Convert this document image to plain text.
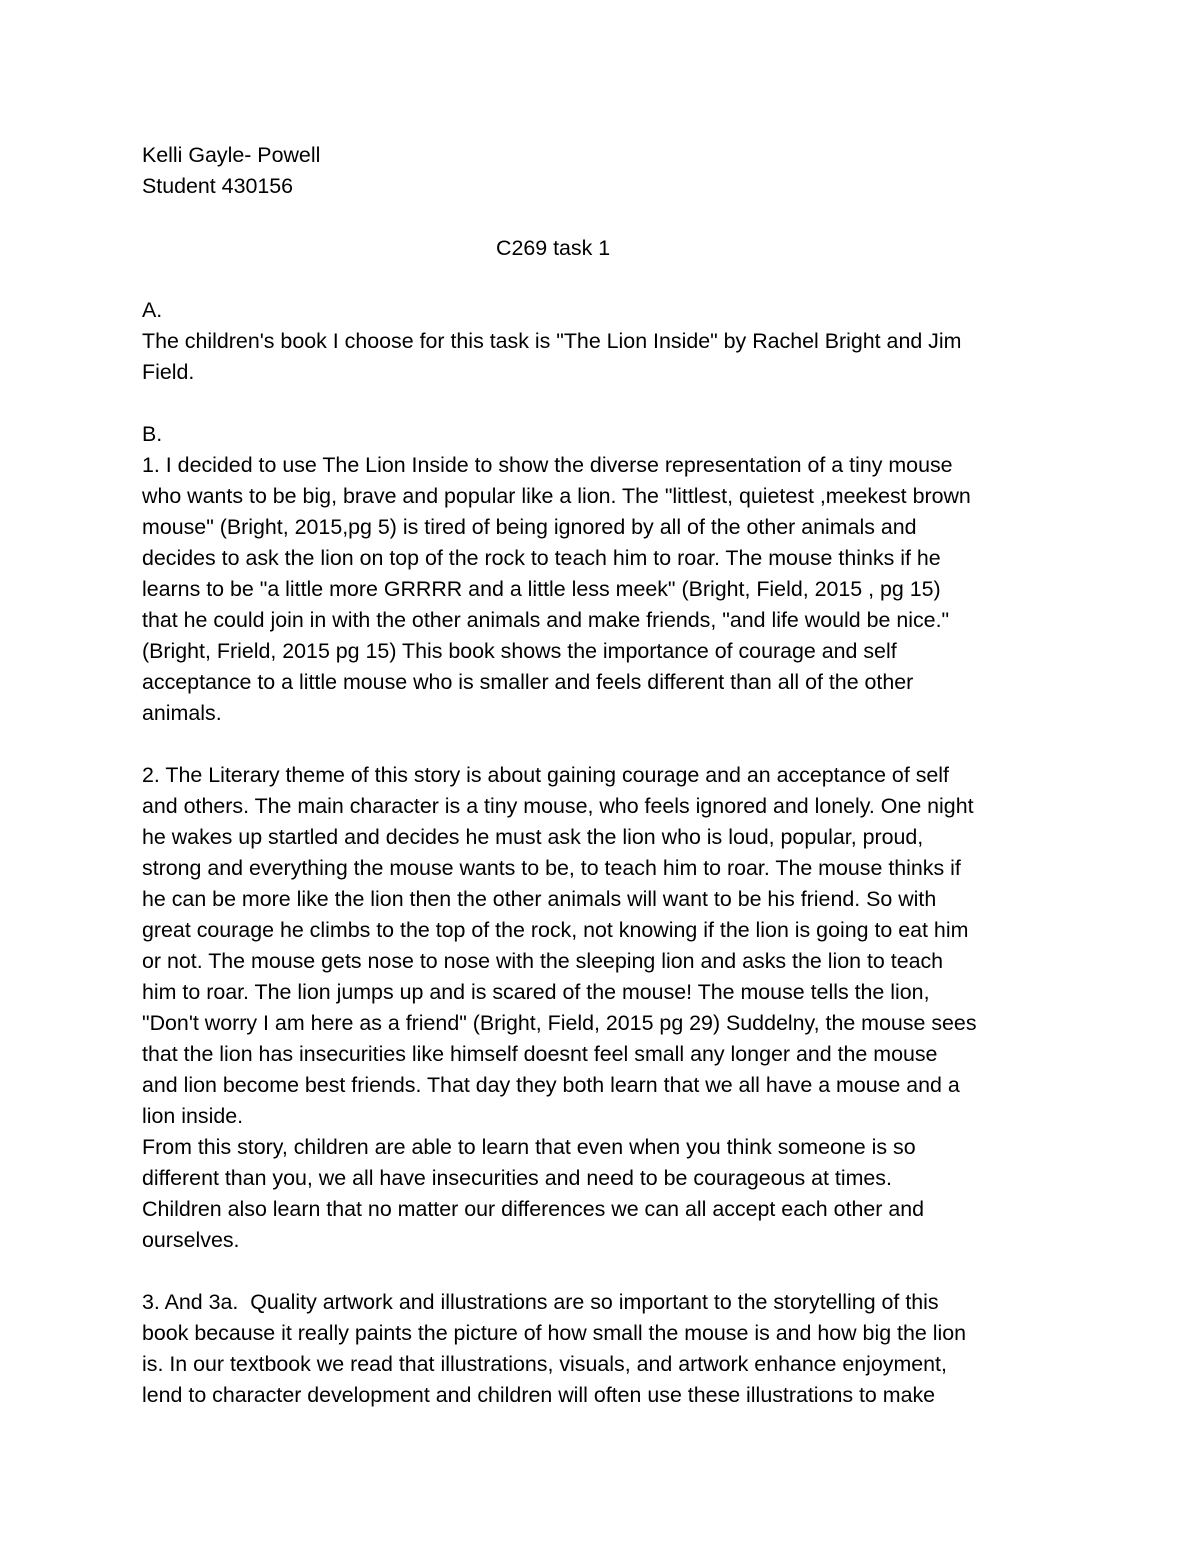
Kelli Gayle- Powell
Student 430156
C269 task 1
A.
The children's book I choose for this task is "The Lion Inside" by Rachel Bright and Jim
Field.
B.
1. I decided to use The Lion Inside to show the diverse representation of a tiny mouse
who wants to be big, brave and popular like a lion. The "littlest, quietest ,meekest brown
mouse" (Bright, 2015,pg 5) is tired of being ignored by all of the other animals and
decides to ask the lion on top of the rock to teach him to roar. The mouse thinks if he
learns to be "a little more GRRRR and a little less meek" (Bright, Field, 2015 , pg 15)
that he could join in with the other animals and make friends, "and life would be nice."
(Bright, Frield, 2015 pg 15) This book shows the importance of courage and self
acceptance to a little mouse who is smaller and feels different than all of the other
animals.
2. The Literary theme of this story is about gaining courage and an acceptance of self
and others. The main character is a tiny mouse, who feels ignored and lonely. One night
he wakes up startled and decides he must ask the lion who is loud, popular, proud,
strong and everything the mouse wants to be, to teach him to roar. The mouse thinks if
he can be more like the lion then the other animals will want to be his friend. So with
great courage he climbs to the top of the rock, not knowing if the lion is going to eat him
or not. The mouse gets nose to nose with the sleeping lion and asks the lion to teach
him to roar. The lion jumps up and is scared of the mouse! The mouse tells the lion,
"Don't worry I am here as a friend" (Bright, Field, 2015 pg 29) Suddelny, the mouse sees
that the lion has insecurities like himself doesnt feel small any longer and the mouse
and lion become best friends. That day they both learn that we all have a mouse and a
lion inside.
From this story, children are able to learn that even when you think someone is so
different than you, we all have insecurities and need to be courageous at times.
Children also learn that no matter our differences we can all accept each other and
ourselves.
3. And 3a.  Quality artwork and illustrations are so important to the storytelling of this
book because it really paints the picture of how small the mouse is and how big the lion
is. In our textbook we read that illustrations, visuals, and artwork enhance enjoyment,
lend to character development and children will often use these illustrations to make
